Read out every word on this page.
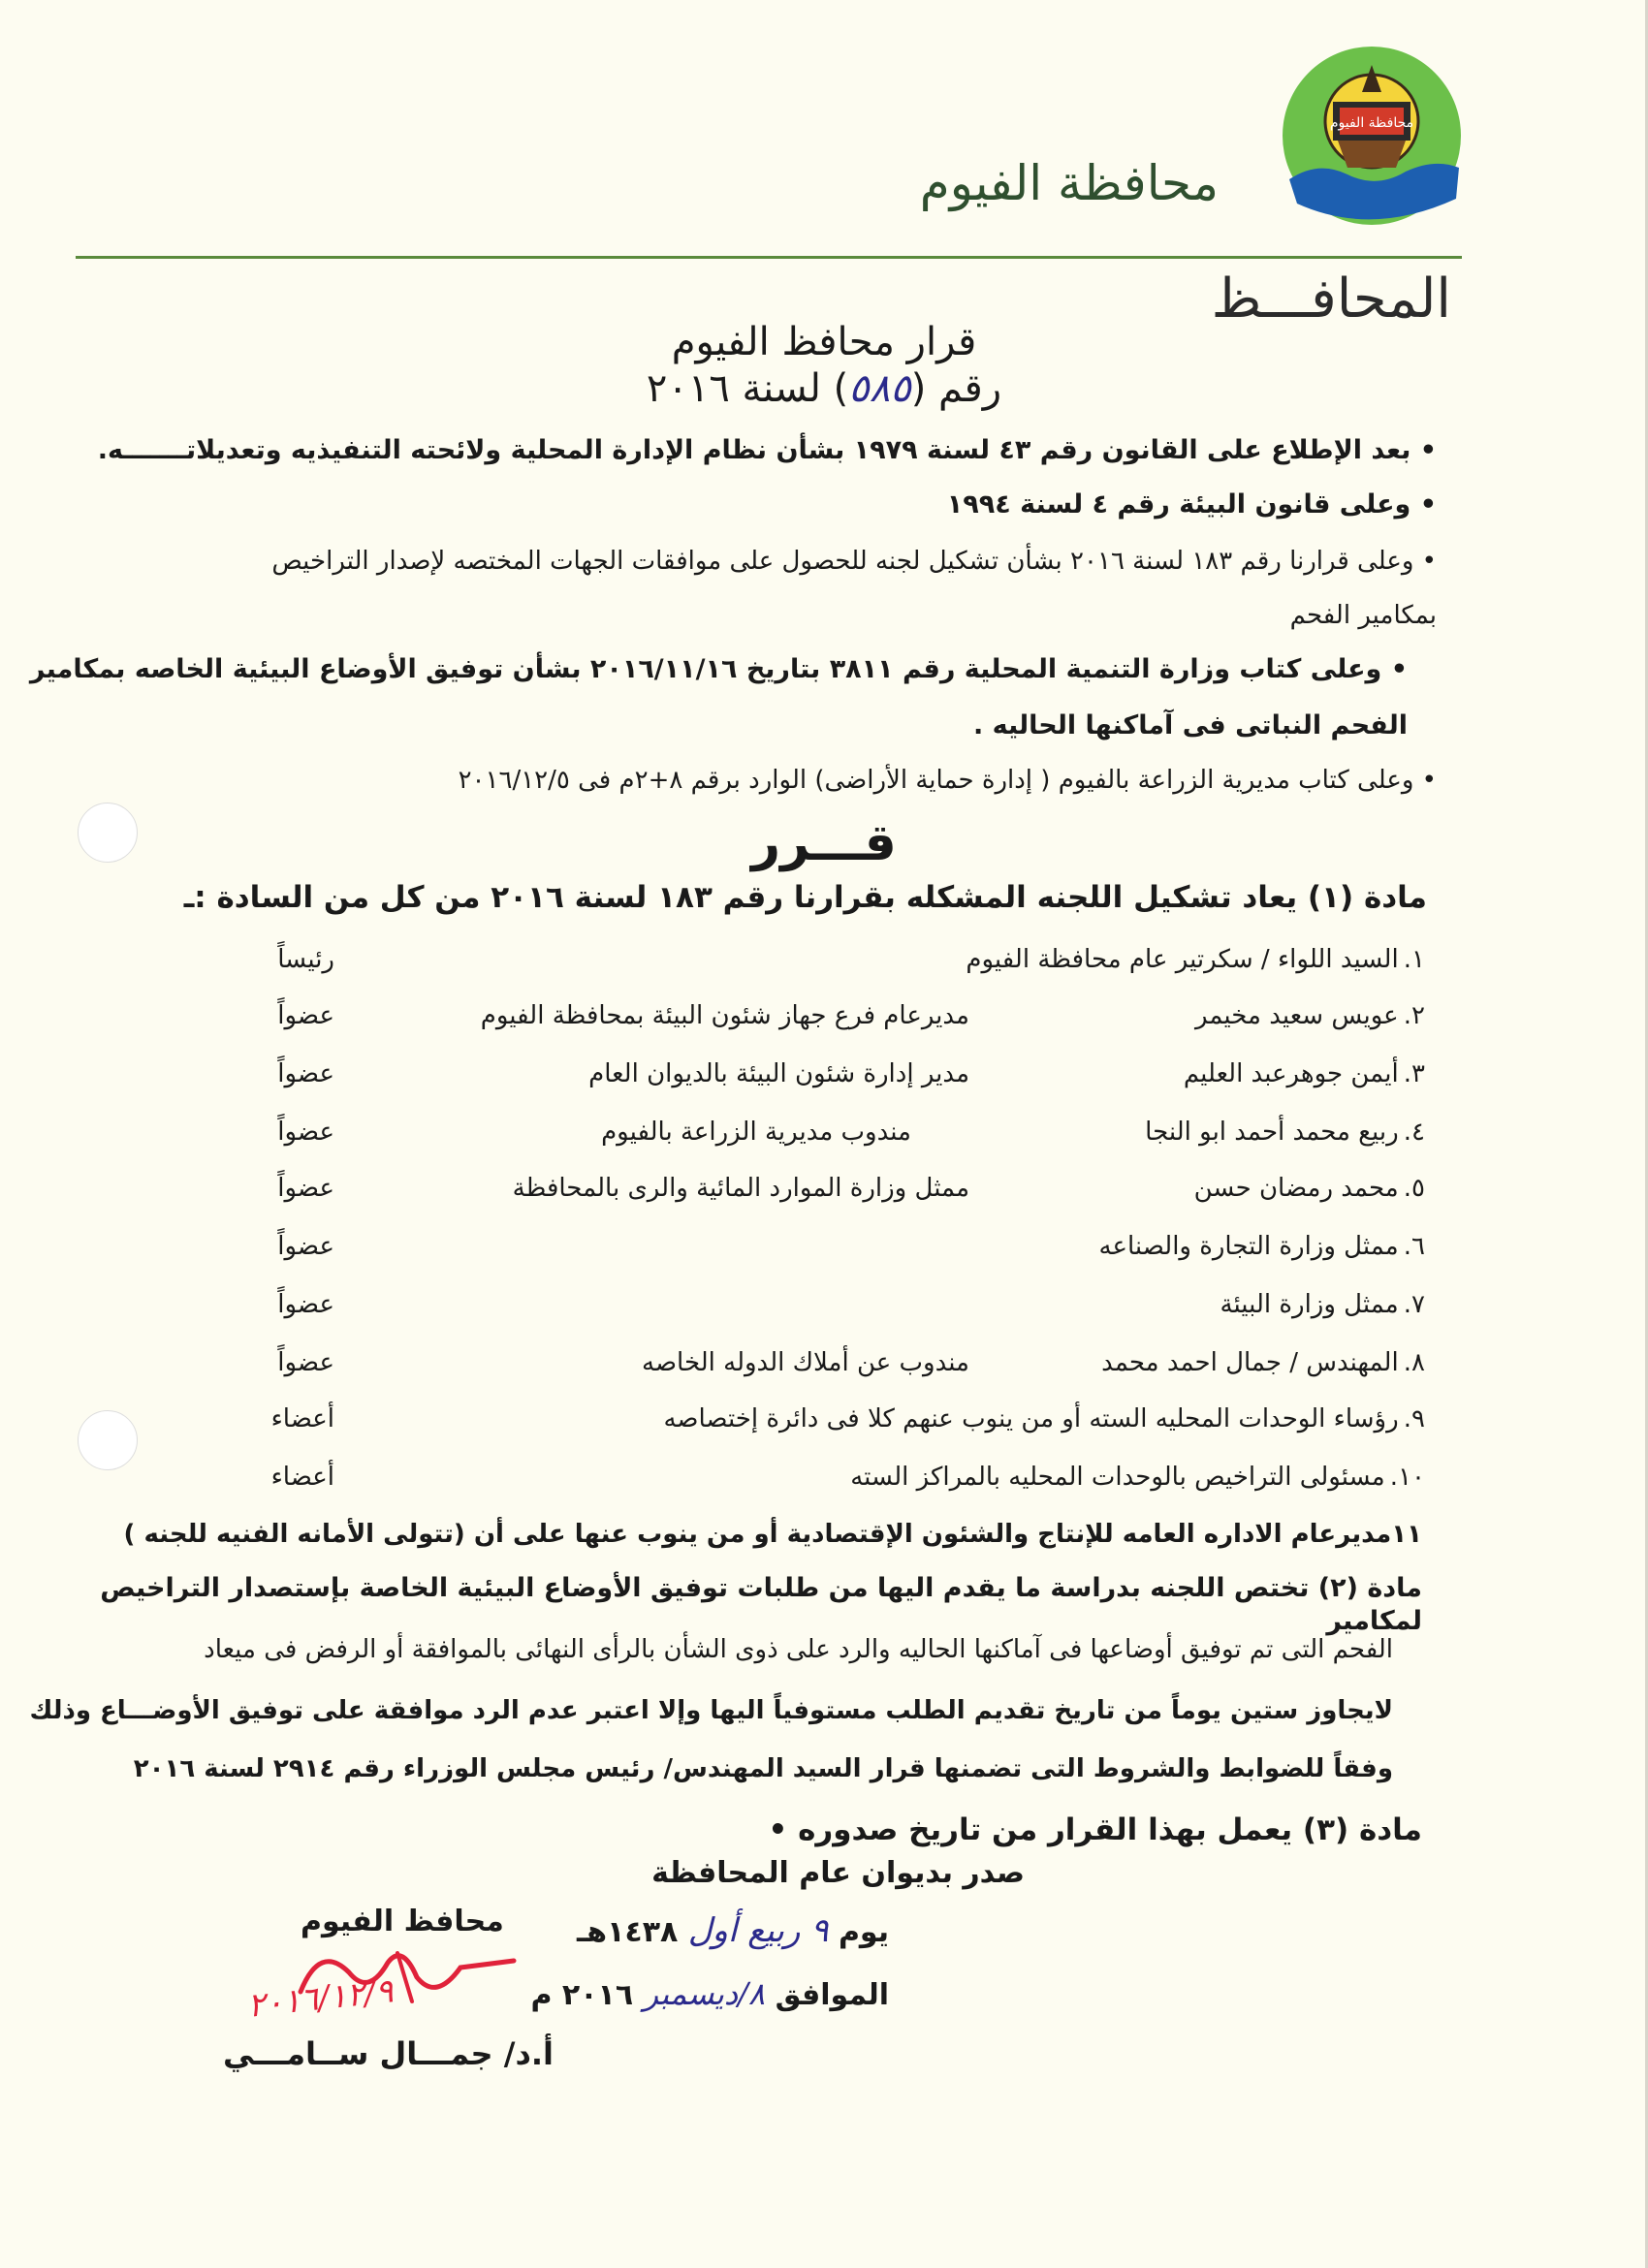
محافظة الفيوم
محافظة الفيوم
المحافـــظ
قرار محافظ الفيوم
رقم (٥٨٥) لسنة ٢٠١٦
• بعد الإطلاع على القانون رقم ٤٣ لسنة ١٩٧٩ بشأن نظام الإدارة المحلية ولائحته التنفيذيه وتعديلاتـــــــه.
• وعلى قانون البيئة رقم ٤ لسنة ١٩٩٤
• وعلى قرارنا رقم ١٨٣ لسنة ٢٠١٦ بشأن تشكيل لجنه للحصول على موافقات الجهات المختصه لإصدار التراخيص
بمكامير الفحم
• وعلى كتاب وزارة التنمية المحلية رقم ٣٨١١ بتاريخ ٢٠١٦/١١/١٦ بشأن توفيق الأوضاع البيئية الخاصه بمكامير
الفحم النباتى فى آماكنها الحاليه .
• وعلى كتاب مديرية الزراعة بالفيوم ( إدارة حماية الأراضى) الوارد برقم ٨+٢م فى ٢٠١٦/١٢/٥
قـــرر
مادة (١) يعاد تشكيل اللجنه المشكله بقرارنا رقم ١٨٣ لسنة ٢٠١٦ من كل من السادة :ـ
١. السيد اللواء / سكرتير عام محافظة الفيوم
رئيساً
٢. عويس سعيد مخيمر
مديرعام فرع جهاز شئون البيئة بمحافظة الفيوم
عضواً
٣. أيمن جوهرعبد العليم
مدير إدارة شئون البيئة بالديوان العام
عضواً
٤. ربيع محمد أحمد ابو النجا
مندوب مديرية الزراعة بالفيوم
عضواً
٥. محمد رمضان حسن
ممثل وزارة الموارد المائية والرى بالمحافظة
عضواً
٦. ممثل وزارة التجارة والصناعه
عضواً
٧. ممثل وزارة البيئة
عضواً
٨. المهندس / جمال احمد محمد
مندوب عن أملاك الدوله الخاصه
عضواً
٩. رؤساء الوحدات المحليه السته أو من ينوب عنهم كلا فى دائرة إختصاصه
أعضاء
١٠. مسئولى التراخيص بالوحدات المحليه بالمراكز السته
أعضاء
١١مديرعام الاداره العامه للإنتاج والشئون الإقتصادية أو من ينوب عنها على أن (تتولى الأمانه الفنيه للجنه )
مادة (٢) تختص اللجنه بدراسة ما يقدم اليها من طلبات توفيق الأوضاع البيئية الخاصة بإستصدار التراخيص لمكامير
الفحم التى تم توفيق أوضاعها فى آماكنها الحاليه والرد على ذوى الشأن بالرأى النهائى بالموافقة أو الرفض فى ميعاد
لايجاوز ستين يوماً من تاريخ تقديم الطلب مستوفياً اليها وإلا اعتبر عدم الرد موافقة على توفيق الأوضـــاع وذلك
وفقاً للضوابط والشروط التى تضمنها قرار السيد المهندس/ رئيس مجلس الوزراء رقم ٢٩١٤ لسنة ٢٠١٦
مادة (٣) يعمل بهذا القرار من تاريخ صدوره •
صدر بديوان عام المحافظة
يوم ٩ ربيع أول ١٤٣٨هـ
الموافق ٨/ديسمبر ٢٠١٦ م
محافظ الفيوم
٢٠١٦/١٢/٩
أ.د/ جمـــال ســامـــي
